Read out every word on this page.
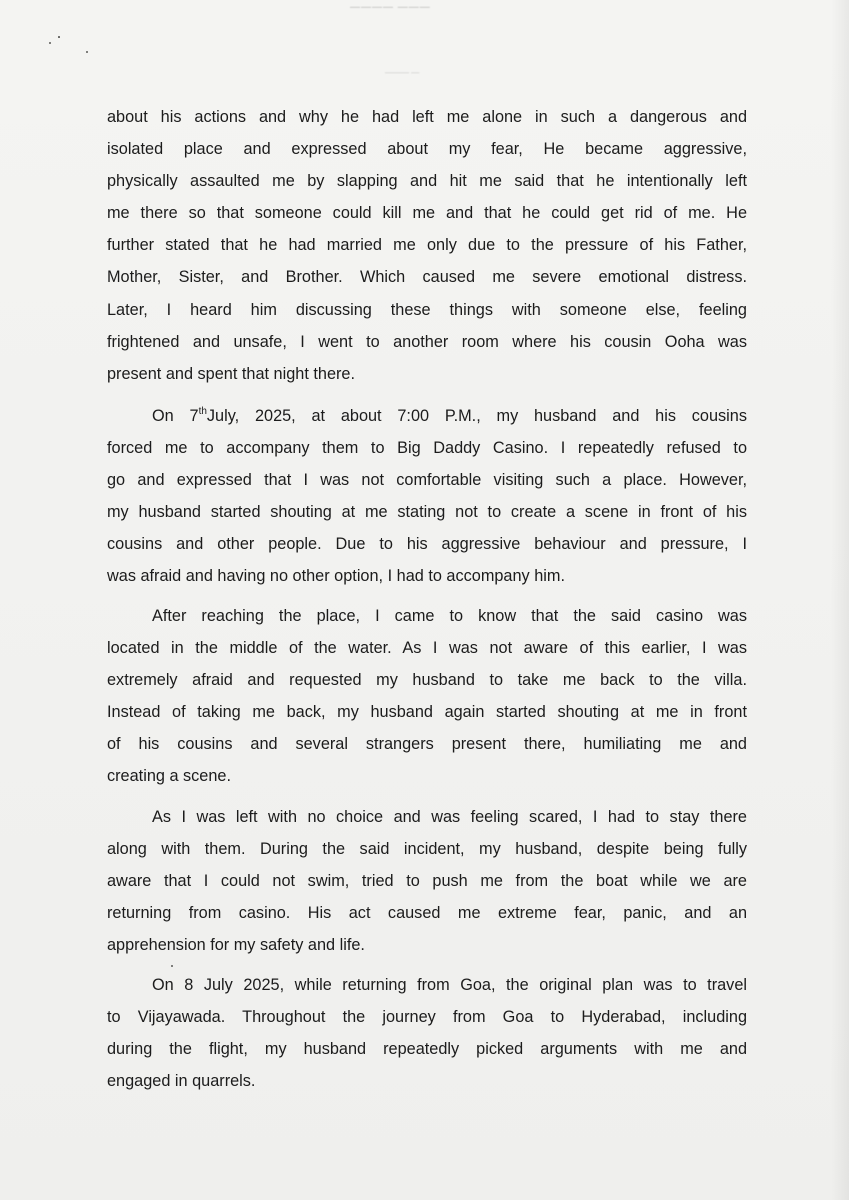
———— ———
——— —
about his actions and why he had left me alone in such a dangerous and
isolated place and expressed about my fear, He became aggressive,
physically assaulted me by slapping and hit me said that he intentionally left
me there so that someone could kill me and that he could get rid of me. He
further stated that he had married me only due to the pressure of his Father,
Mother, Sister, and Brother. Which caused me severe emotional distress.
Later, I heard him discussing these things with someone else, feeling
frightened and unsafe, I went to another room where his cousin Ooha was
present and spent that night there.
On 7thJuly, 2025, at about 7:00 P.M., my husband and his cousins
forced me to accompany them to Big Daddy Casino. I repeatedly refused to
go and expressed that I was not comfortable visiting such a place. However,
my husband started shouting at me stating not to create a scene in front of his
cousins and other people. Due to his aggressive behaviour and pressure, I
was afraid and having no other option, I had to accompany him.
After reaching the place, I came to know that the said casino was
located in the middle of the water. As I was not aware of this earlier, I was
extremely afraid and requested my husband to take me back to the villa.
Instead of taking me back, my husband again started shouting at me in front
of his cousins and several strangers present there, humiliating me and
creating a scene.
As I was left with no choice and was feeling scared, I had to stay there
along with them. During the said incident, my husband, despite being fully
aware that I could not swim, tried to push me from the boat while we are
returning from casino. His act caused me extreme fear, panic, and an
apprehension for my safety and life.
On 8 July 2025, while returning from Goa, the original plan was to travel
to Vijayawada. Throughout the journey from Goa to Hyderabad, including
during the flight, my husband repeatedly picked arguments with me and
engaged in quarrels.
